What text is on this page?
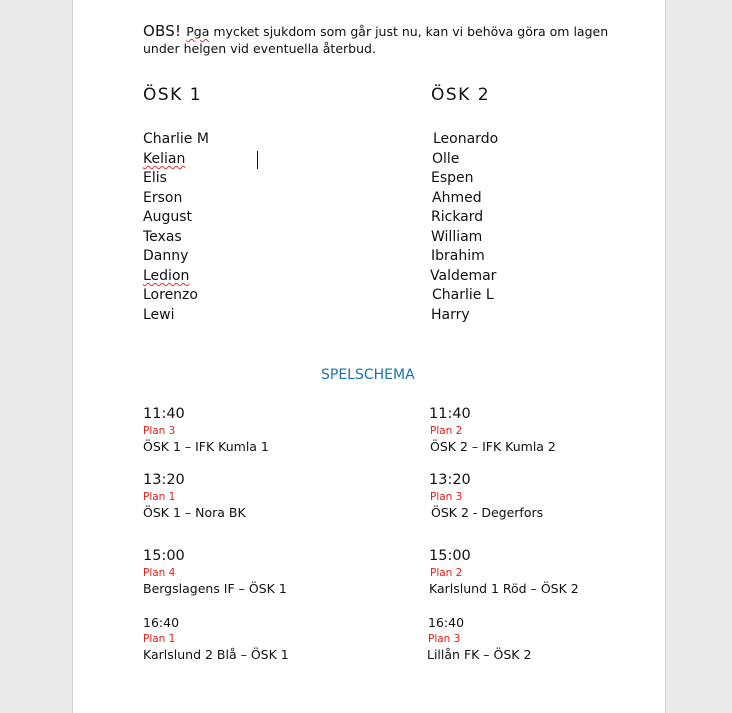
OBS! Pga mycket sjukdom som går just nu, kan vi behöva göra om lagen
under helgen vid eventuella återbud.
ÖSK 1	ÖSK 2
Charlie M
Kelian
Elis
Erson
August
Texas
Danny
Ledion
Lorenzo
Lewi
Leonardo
Olle
Espen
Ahmed
Rickard
William
Ibrahim
Valdemar
Charlie L
Harry
SPELSCHEMA
11:40
Plan 3
ÖSK 1 – IFK Kumla 1
13:20
Plan 1
ÖSK 1 – Nora BK
15:00
Plan 4
Bergslagens IF – ÖSK 1
16:40
Plan 1
Karlslund 2 Blå – ÖSK 1
11:40
Plan 2
ÖSK 2 – IFK Kumla 2
13:20
Plan 3
ÖSK 2 - Degerfors
15:00
Plan 2
Karlslund 1 Röd – ÖSK 2
16:40
Plan 3
Lillån FK – ÖSK 2
